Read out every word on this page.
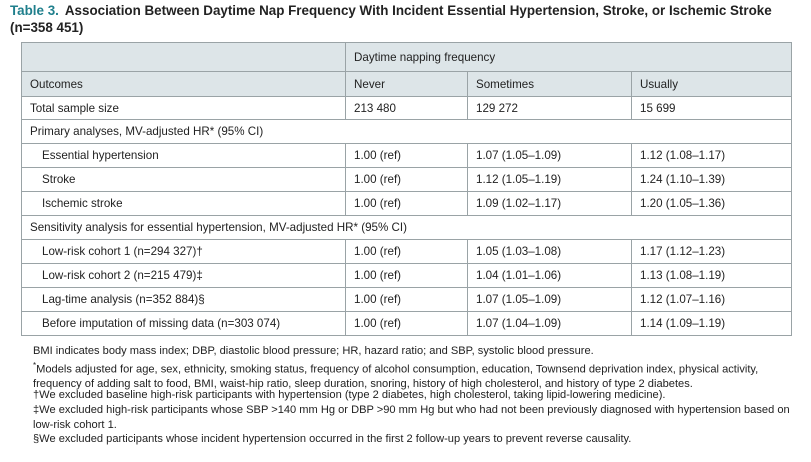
Table 3. Association Between Daytime Nap Frequency With Incident Essential Hypertension, Stroke, or Ischemic Stroke (n=358 451)
	Daytime napping frequency		
Outcomes	Never	Sometimes	Usually
Total sample size	213 480	129 272	15 699
Primary analyses, MV-adjusted HR* (95% CI)			
Essential hypertension	1.00 (ref)	1.07 (1.05–1.09)	1.12 (1.08–1.17)
Stroke	1.00 (ref)	1.12 (1.05–1.19)	1.24 (1.10–1.39)
Ischemic stroke	1.00 (ref)	1.09 (1.02–1.17)	1.20 (1.05–1.36)
Sensitivity analysis for essential hypertension, MV-adjusted HR* (95% CI)			
Low-risk cohort 1 (n=294 327)†	1.00 (ref)	1.05 (1.03–1.08)	1.17 (1.12–1.23)
Low-risk cohort 2 (n=215 479)‡	1.00 (ref)	1.04 (1.01–1.06)	1.13 (1.08–1.19)
Lag-time analysis (n=352 884)§	1.00 (ref)	1.07 (1.05–1.09)	1.12 (1.07–1.16)
Before imputation of missing data (n=303 074)	1.00 (ref)	1.07 (1.04–1.09)	1.14 (1.09–1.19)
BMI indicates body mass index; DBP, diastolic blood pressure; HR, hazard ratio; and SBP, systolic blood pressure.
*Models adjusted for age, sex, ethnicity, smoking status, frequency of alcohol consumption, education, Townsend deprivation index, physical activity, frequency of adding salt to food, BMI, waist-hip ratio, sleep duration, snoring, history of high cholesterol, and history of type 2 diabetes.
†We excluded baseline high-risk participants with hypertension (type 2 diabetes, high cholesterol, taking lipid-lowering medicine).
‡We excluded high-risk participants whose SBP >140 mm Hg or DBP >90 mm Hg but who had not been previously diagnosed with hypertension based on low-risk cohort 1.
§We excluded participants whose incident hypertension occurred in the first 2 follow-up years to prevent reverse causality.
